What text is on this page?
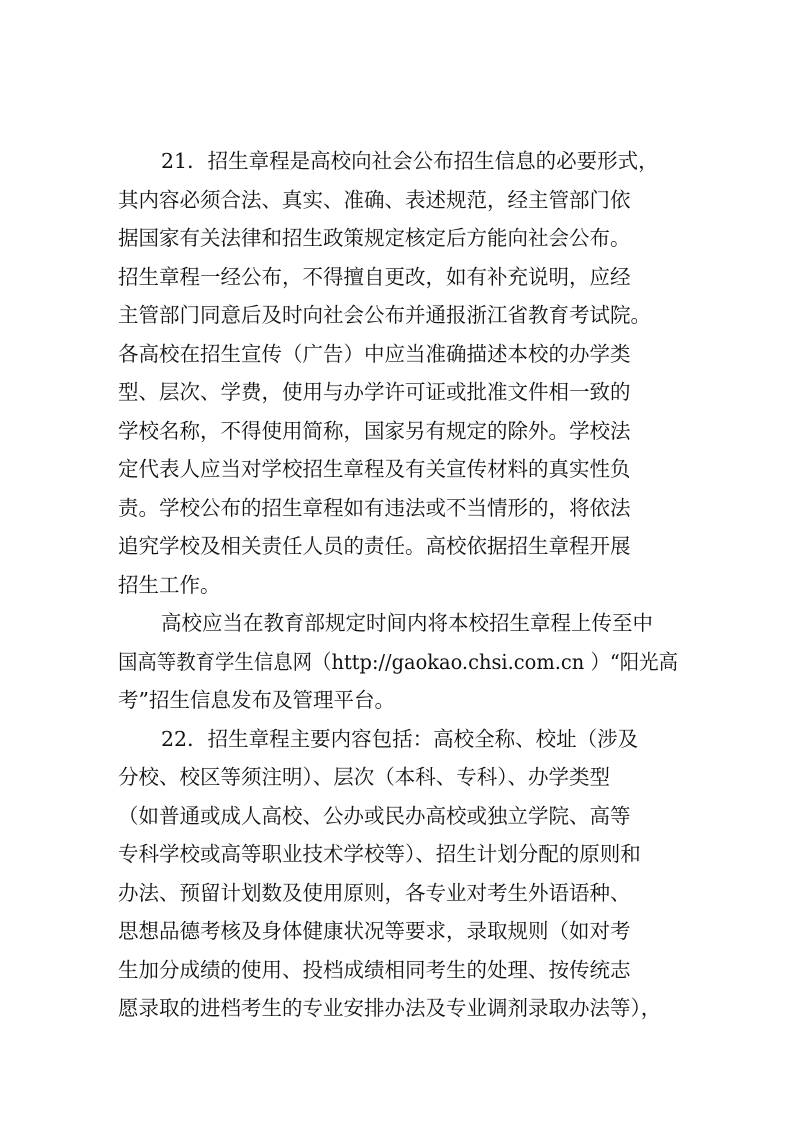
21．招生章程是高校向社会公布招生信息的必要形式，
其内容必须合法、真实、准确、表述规范，经主管部门依
据国家有关法律和招生政策规定核定后方能向社会公布。
招生章程一经公布，不得擅自更改，如有补充说明，应经
主管部门同意后及时向社会公布并通报浙江省教育考试院。
各高校在招生宣传（广告）中应当准确描述本校的办学类
型、层次、学费，使用与办学许可证或批准文件相一致的
学校名称，不得使用简称，国家另有规定的除外。学校法
定代表人应当对学校招生章程及有关宣传材料的真实性负
责。学校公布的招生章程如有违法或不当情形的，将依法
追究学校及相关责任人员的责任。高校依据招生章程开展
招生工作。
高校应当在教育部规定时间内将本校招生章程上传至中
国高等教育学生信息网（http://gaokao.chsi.com.cn ）“阳光高
考”招生信息发布及管理平台。
22．招生章程主要内容包括：高校全称、校址（涉及
分校、校区等须注明）、层次（本科、专科）、办学类型
（如普通或成人高校、公办或民办高校或独立学院、高等
专科学校或高等职业技术学校等）、招生计划分配的原则和
办法、预留计划数及使用原则，各专业对考生外语语种、
思想品德考核及身体健康状况等要求，录取规则（如对考
生加分成绩的使用、投档成绩相同考生的处理、按传统志
愿录取的进档考生的专业安排办法及专业调剂录取办法等），
